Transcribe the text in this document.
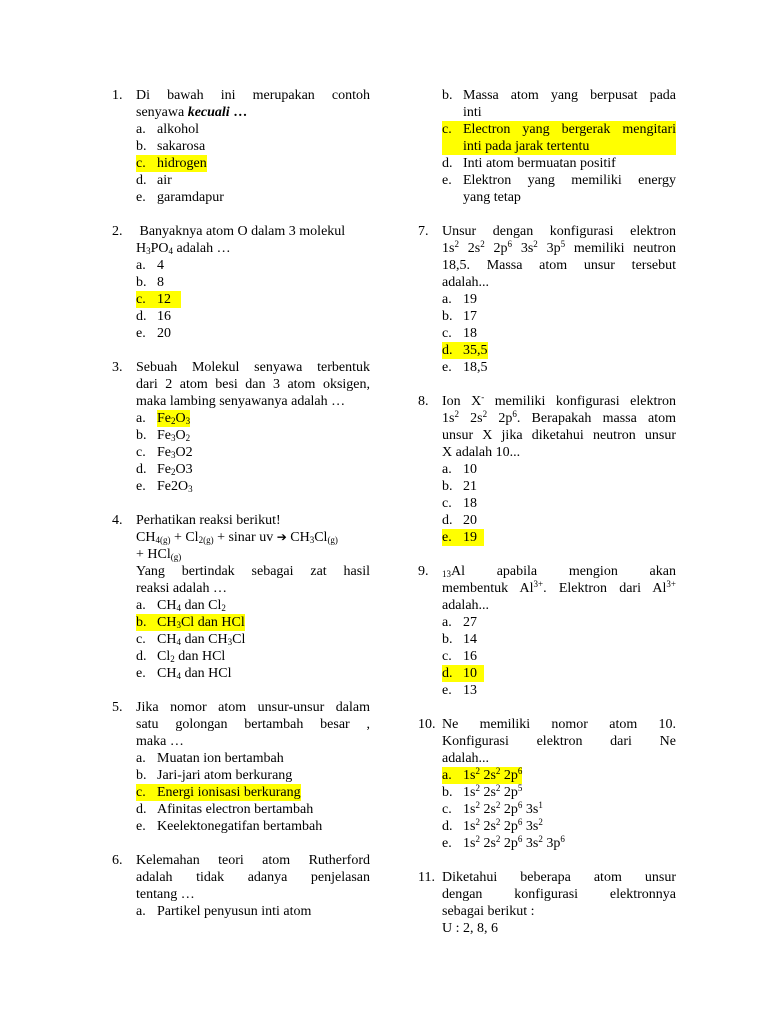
1. Di bawah ini merupakan contoh
senyawa kecuali …
a. alkohol
b. sakarosa
c. hidrogen
d. air
e. garamdapur
2.	Banyaknya atom O dalam 3 molekul
$H_3PO_4$ adalah …
a. 4
b. 8
c. 12
d. 16
e. 20
3. Sebuah Molekul senyawa terbentuk
dari 2 atom besi dan 3 atom oksigen,
maka lambing senyawanya adalah …
a. $Fe_2O_3$
b. $Fe_3O_2$
c. $Fe_3O2$
d. $Fe_2O3$
e. $Fe2O_3$
4. Perhatikan reaksi berikut!
$CH_{4(g)} + Cl_{2(g)}$ + sinar uv ➔ $CH_3Cl_{(g)}$
+ HCl$_{(g)}$
Yang bertindak sebagai zat hasil
reaksi adalah …
a. $CH_4$ dan $Cl_2$
b. $CH_3Cl$ dan HCl
c. $CH_4$ dan $CH_3Cl$
d. $Cl_2$ dan HCl
e. $CH_4$ dan HCl
5. Jika nomor atom unsur-unsur dalam
satu golongan bertambah besar ,
maka …
a. Muatan ion bertambah
b. Jari-jari atom berkurang
c. Energi ionisasi berkurang
d. Afinitas electron bertambah
e. Keelektonegatifan bertambah
6. Kelemahan teori atom Rutherford
adalah tidak adanya penjelasan
tentang …
a. Partikel penyusun inti atom
b. Massa atom yang berpusat pada
inti
c. Electron yang bergerak mengitari
inti pada jarak tertentu
d. Inti atom bermuatan positif
e. Elektron yang memiliki energy
yang tetap
7. Unsur dengan konfigurasi elektron
$1s^2$ $2s^2$ $2p^6$ $3s^2$ $3p^5$ memiliki neutron
18,5. Massa atom unsur tersebut
adalah...
a. 19
b. 17
c. 18
d. 35,5
e. 18,5
8. Ion X- memiliki konfigurasi elektron
$1s^2$ $2s^2$ $2p^6$. Berapakah massa atom
unsur X jika diketahui neutron unsur
X adalah 10...
a. 10
b. 21
c. 18
d. 20
e. 19
9.	$_{13}$Al apabila mengion akan
membentuk $Al^{3+}$. Elektron dari $Al^{3+}$
adalah...
a. 27
b. 14
c. 16
d. 10
e. 13
10. Ne memiliki nomor atom 10.
Konfigurasi elektron dari Ne
adalah...
a. $1s^2$ $2s^2$ $2p^6$
b. $1s^2$ $2s^2$ $2p^5$
c. $1s^2$ $2s^2$ $2p^6$ $3s^1$
d. $1s^2$ $2s^2$ $2p^6$ $3s^2$
e. $1s^2$ $2s^2$ $2p^6$ $3s^2$ $3p^6$
11. Diketahui beberapa atom unsur
dengan konfigurasi elektronnya
sebagai berikut :
U : 2, 8, 6
